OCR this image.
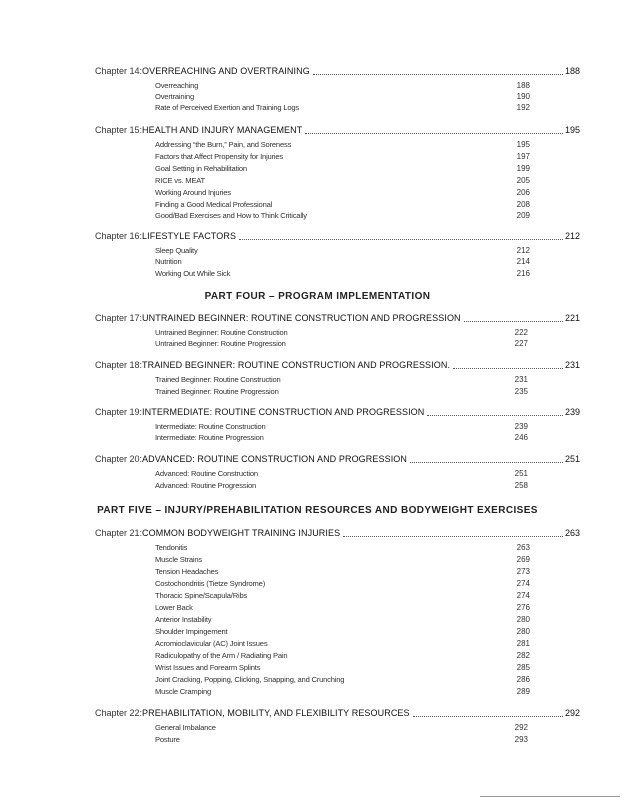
Chapter 14: OVERREACHING AND OVERTRAINING	188
Overreaching	188
Overtraining	190
Rate of Perceived Exertion and Training Logs	192
Chapter 15: HEALTH AND INJURY MANAGEMENT	195
Addressing “the Burn,” Pain, and Soreness	195
Factors that Affect Propensity for Injuries	197
Goal Setting in Rehabilitation	199
RICE vs. MEAT	205
Working Around Injuries	206
Finding a Good Medical Professional	208
Good/Bad Exercises and How to Think Critically	209
Chapter 16: LIFESTYLE FACTORS	212
Sleep Quality	212
Nutrition	214
Working Out While Sick	216
PART FOUR – PROGRAM IMPLEMENTATION
Chapter 17: UNTRAINED BEGINNER: ROUTINE CONSTRUCTION AND PROGRESSION	221
Untrained Beginner: Routine Construction	222
Untrained Beginner: Routine Progression	227
Chapter 18: TRAINED BEGINNER: ROUTINE CONSTRUCTION AND PROGRESSION.	231
Trained Beginner: Routine Construction	231
Trained Beginner: Routine Progression	235
Chapter 19: INTERMEDIATE: ROUTINE CONSTRUCTION AND PROGRESSION	239
Intermediate: Routine Construction	239
Intermediate: Routine Progression	246
Chapter 20: ADVANCED: ROUTINE CONSTRUCTION AND PROGRESSION	251
Advanced: Routine Construction	251
Advanced: Routine Progression	258
PART FIVE – INJURY/PREHABILITATION RESOURCES AND BODYWEIGHT EXERCISES
Chapter 21: COMMON BODYWEIGHT TRAINING INJURIES	263
Tendonitis	263
Muscle Strains	269
Tension Headaches	273
Costochondritis (Tietze Syndrome)	274
Thoracic Spine/Scapula/Ribs	274
Lower Back	276
Anterior Instability	280
Shoulder Impingement	280
Acromioclavicular (AC) Joint Issues	281
Radiculopathy of the Arm / Radiating Pain	282
Wrist Issues and Forearm Splints	285
Joint Cracking, Popping, Clicking, Snapping, and Crunching	286
Muscle Cramping	289
Chapter 22: PREHABILITATION, MOBILITY, AND FLEXIBILITY RESOURCES	292
General Imbalance	292
Posture	293
